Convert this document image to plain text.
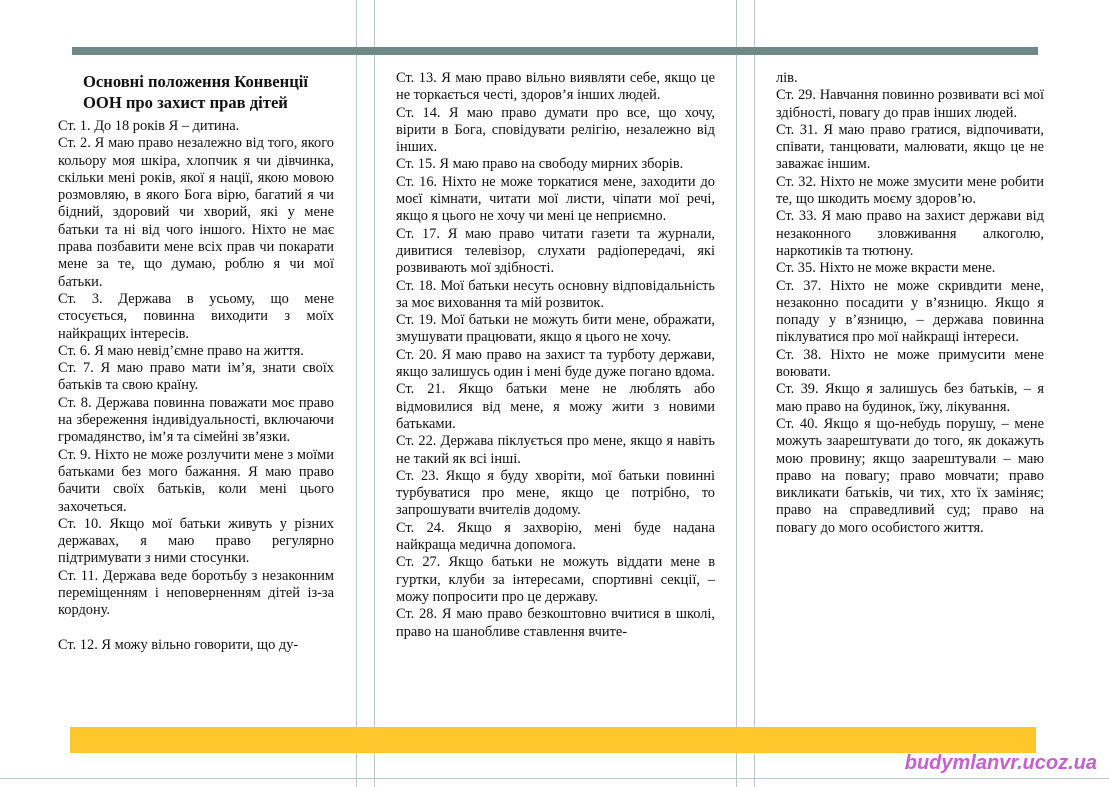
Основні положення Конвенції
ООН про захист прав дітей

Ст. 1. До 18 років Я – дитина.

Ст. 2. Я маю право незалежно від того, якого кольору моя шкіра, хлопчик я чи дівчинка, скільки мені років, якої я нації, якою мовою розмовляю, в якого Бога вірю, багатий я чи бідний, здоровий чи хворий, які у мене батьки та ні від чого іншого. Ніхто не має права позбавити мене всіх прав чи покарати мене за те, що думаю, роблю я чи мої батьки.

Ст. 3. Держава в усьому, що мене стосується, повинна виходити з моїх найкращих інтересів.

Ст. 6. Я маю невід’ємне право на життя.

Ст. 7. Я маю право мати ім’я, знати своїх батьків та свою країну.

Ст. 8. Держава повинна поважати моє право на збереження індивідуальності, включаючи громадянство, ім’я та сімейні зв’язки.

Ст. 9. Ніхто не може розлучити мене з моїми батьками без мого бажання. Я маю право бачити своїх батьків, коли мені цього захочеться.

Ст. 10. Якщо мої батьки живуть у різних державах, я маю право регулярно підтримувати з ними стосунки.

Ст. 11. Держава веде боротьбу з незаконним переміщенням і неповерненням дітей із-за кордону.

Ст. 12. Я можу вільно говорити, що ду-

Ст. 13. Я маю право вільно виявляти себе, якщо це не торкається честі, здоров’я інших людей.

Ст. 14. Я маю право думати про все, що хочу, вірити в Бога, сповідувати релігію, незалежно від інших.

Ст. 15. Я маю право на свободу мирних зборів.

Ст. 16. Ніхто не може торкатися мене, заходити до моєї кімнати, читати мої листи, чіпати мої речі, якщо я цього не хочу чи мені це неприємно.

Ст. 17. Я маю право читати газети та журнали, дивитися телевізор, слухати радіопередачі, які розвивають мої здібності.

Ст. 18. Мої батьки несуть основну відповідальність за моє виховання та мій розвиток.

Ст. 19. Мої батьки не можуть бити мене, ображати, змушувати працювати, якщо я цього не хочу.

Ст. 20. Я маю право на захист та турботу держави, якщо залишусь один і мені буде дуже погано вдома.

Ст. 21. Якщо батьки мене не люблять або відмовилися від мене, я можу жити з новими батьками.

Ст. 22. Держава піклується про мене, якщо я навіть не такий як всі інші.

Ст. 23. Якщо я буду хворіти, мої батьки повинні турбуватися про мене, якщо це потрібно, то запрошувати вчителів додому.

Ст. 24. Якщо я захворію, мені буде надана найкраща медична допомога.

Ст. 27. Якщо батьки не можуть віддати мене в гуртки, клуби за інтересами, спортивні секції, – можу попросити про це державу.

Ст. 28. Я маю право безкоштовно вчитися в школі, право на шанобливе ставлення вчите-

лів.

Ст. 29. Навчання повинно розвивати всі мої здібності, повагу до прав інших людей.

Ст. 31. Я маю право гратися, відпочивати, співати, танцювати, малювати, якщо це не заважає іншим.

Ст. 32. Ніхто не може змусити мене робити те, що шкодить моєму здоров’ю.

Ст. 33. Я маю право на захист держави від незаконного зловживання алкоголю, наркотиків та тютюну.

Ст. 35. Ніхто не може вкрасти мене.

Ст. 37. Ніхто не може скривдити мене, незаконно посадити у в’язницю. Якщо я попаду у в’язницю, – держава повинна піклуватися про мої найкращі інтереси.

Ст. 38. Ніхто не може примусити мене воювати.

Ст. 39. Якщо я залишусь без батьків, – я маю право на будинок, їжу, лікування.

Ст. 40. Якщо я що-небудь порушу, – мене можуть заарештувати до того, як докажуть мою провину; якщо заарештували – маю право на повагу; право мовчати; право викликати батьків, чи тих, хто їх заміняє; право на справедливий суд; право на повагу до мого особистого життя.

budymlanvr.ucoz.ua
